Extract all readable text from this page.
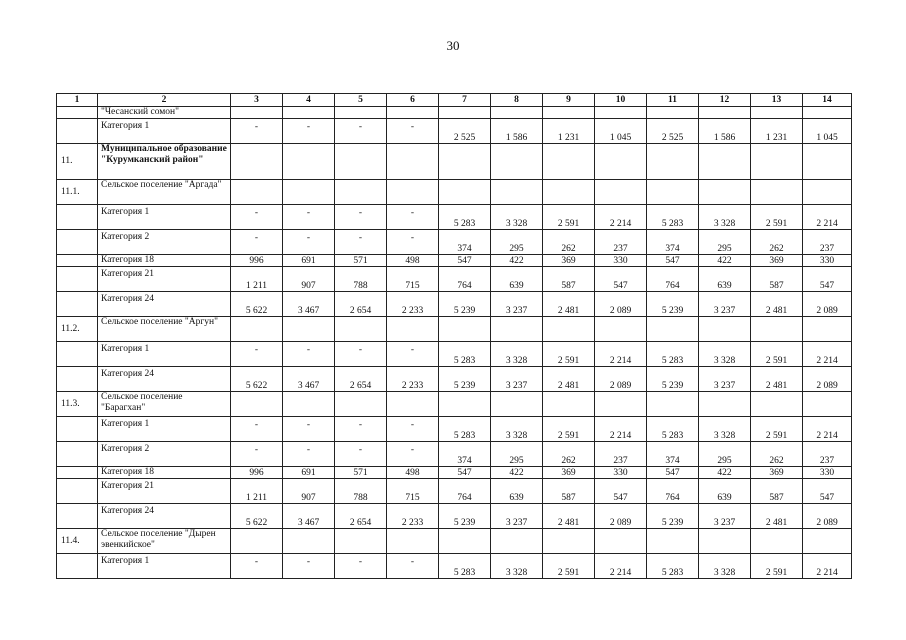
30
1	2	3	4	5	6	7	8	9	10	11	12	13	14
	"Чесанский сомон"												
	Категория 1	-	-	-	-	2 525	1 586	1 231	1 045	2 525	1 586	1 231	1 045
11.	Муниципальное образование "Курумканский район"												
11.1.	Сельское поселение "Аргада"												
	Категория 1	-	-	-	-	5 283	3 328	2 591	2 214	5 283	3 328	2 591	2 214
	Категория 2	-	-	-	-	374	295	262	237	374	295	262	237
	Категория 18	996	691	571	498	547	422	369	330	547	422	369	330
	Категория 21	1 211	907	788	715	764	639	587	547	764	639	587	547
	Категория 24	5 622	3 467	2 654	2 233	5 239	3 237	2 481	2 089	5 239	3 237	2 481	2 089
11.2.	Сельское поселение "Аргун"												
	Категория 1	-	-	-	-	5 283	3 328	2 591	2 214	5 283	3 328	2 591	2 214
	Категория 24	5 622	3 467	2 654	2 233	5 239	3 237	2 481	2 089	5 239	3 237	2 481	2 089
11.3.	Сельское поселение "Барагхан"												
	Категория 1	-	-	-	-	5 283	3 328	2 591	2 214	5 283	3 328	2 591	2 214
	Категория 2	-	-	-	-	374	295	262	237	374	295	262	237
	Категория 18	996	691	571	498	547	422	369	330	547	422	369	330
	Категория 21	1 211	907	788	715	764	639	587	547	764	639	587	547
	Категория 24	5 622	3 467	2 654	2 233	5 239	3 237	2 481	2 089	5 239	3 237	2 481	2 089
11.4.	Сельское поселение "Дырен эвенкийское"												
	Категория 1	-	-	-	-	5 283	3 328	2 591	2 214	5 283	3 328	2 591	2 214
